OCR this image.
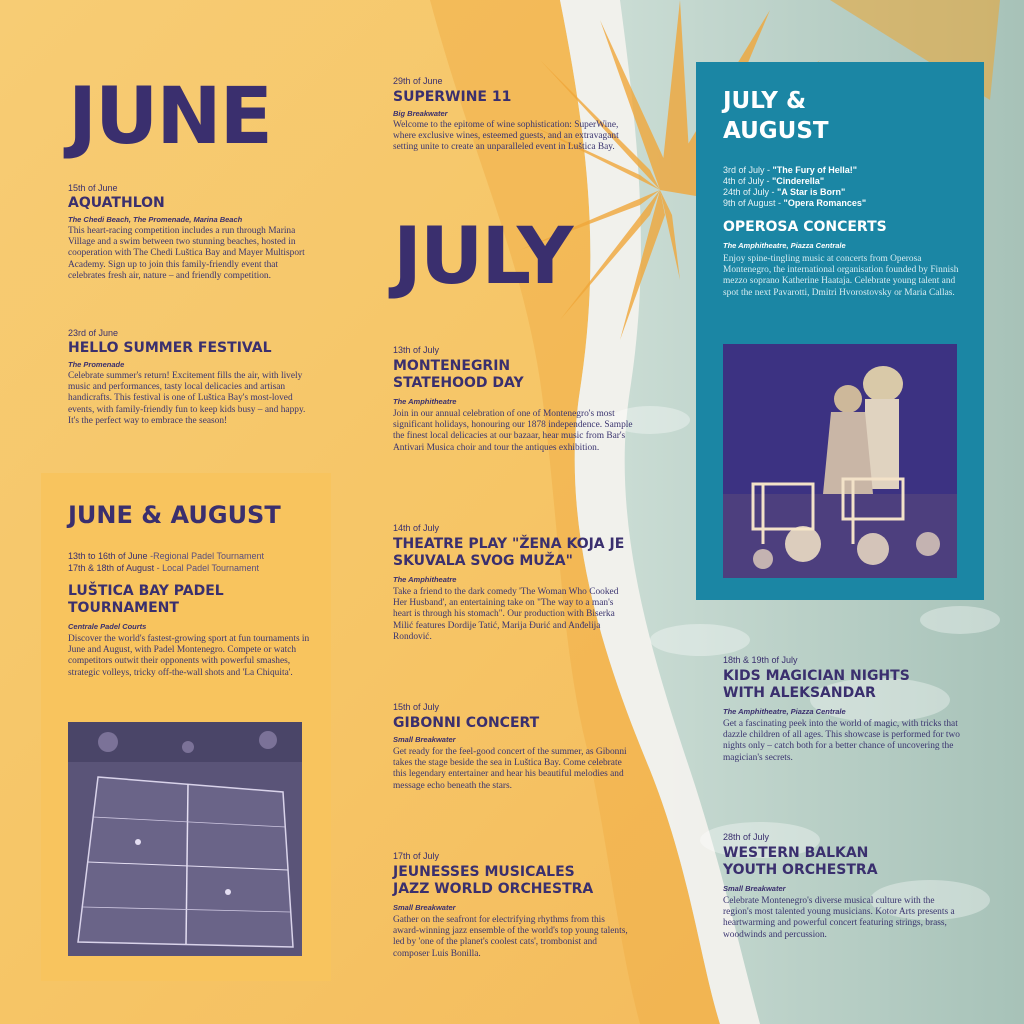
JUNE
15th of June
AQUATHLON

The Chedi Beach, The Promenade, Marina Beach

This heart-racing competition includes a run through Marina Village and a swim between two stunning beaches, hosted in cooperation with The Chedi Luštica Bay and Mayer Multisport Academy. Sign up to join this family-friendly event that celebrates fresh air, nature – and friendly competition.

23rd of June
HELLO SUMMER FESTIVAL

The Promenade

Celebrate summer's return! Excitement fills the air, with lively music and performances, tasty local delicacies and artisan handicrafts. This festival is one of Luštica Bay's most-loved events, with family-friendly fun to keep kids busy – and happy. It's the perfect way to embrace the season!

JUNE & AUGUST
13th to 16th of June -Regional Padel Tournament
17th & 18th of August - Local Padel Tournament
LUŠTICA BAY PADEL TOURNAMENT

Centrale Padel Courts

Discover the world's fastest-growing sport at fun tournaments in June and August, with Padel Montenegro. Compete or watch competitors outwit their opponents with powerful smashes, strategic volleys, tricky off-the-wall shots and 'La Chiquita'.

29th of June
SUPERWINE 11

Big Breakwater

Welcome to the epitome of wine sophistication: SuperWine, where exclusive wines, esteemed guests, and an extravagant setting unite to create an unparalleled event in Luštica Bay.

JULY
13th of July
MONTENEGRIN STATEHOOD DAY

The Amphitheatre

Join in our annual celebration of one of Montenegro's most significant holidays, honouring our 1878 independence. Sample the finest local delicacies at our bazaar, hear music from Bar's Antivari Musica choir and tour the antiques exhibition.

14th of July
THEATRE PLAY "ŽENA KOJA JE SKUVALA SVOG MUŽA"

The Amphitheatre

Take a friend to the dark comedy 'The Woman Who Cooked Her Husband', an entertaining take on "The way to a man's heart is through his stomach". Our production with Biserka Milić features Dordije Tatić, Marija Đurić and Anđelija Rondović.

15th of July
GIBONNI CONCERT

Small Breakwater

Get ready for the feel-good concert of the summer, as Gibonni takes the stage beside the sea in Luštica Bay. Come celebrate this legendary entertainer and hear his beautiful melodies and message echo beneath the stars.

17th of July
JEUNESSES MUSICALES JAZZ WORLD ORCHESTRA

Small Breakwater

Gather on the seafront for electrifying rhythms from this award-winning jazz ensemble of the world's top young talents, led by 'one of the planet's coolest cats', trombonist and composer Luis Bonilla.

JULY &
AUGUST
3rd of July - "The Fury of Hella!"
4th of July - "Cinderella"
24th of July - "A Star is Born"
9th of August - "Opera Romances"
OPEROSA CONCERTS

The Amphitheatre, Piazza Centrale

Enjoy spine-tingling music at concerts from Operosa Montenegro, the international organisation founded by Finnish mezzo soprano Katherine Haataja. Celebrate young talent and spot the next Pavarotti, Dmitri Hvorostovsky or Maria Callas.

18th & 19th of July
KIDS MAGICIAN NIGHTS WITH ALEKSANDAR

The Amphitheatre, Piazza Centrale

Get a fascinating peek into the world of magic, with tricks that dazzle children of all ages. This showcase is performed for two nights only – catch both for a better chance of uncovering the magician's secrets.

28th of July
WESTERN BALKAN YOUTH ORCHESTRA

Small Breakwater

Celebrate Montenegro's diverse musical culture with the region's most talented young musicians. Kotor Arts presents a heartwarming and powerful concert featuring strings, brass, woodwinds and percussion.
